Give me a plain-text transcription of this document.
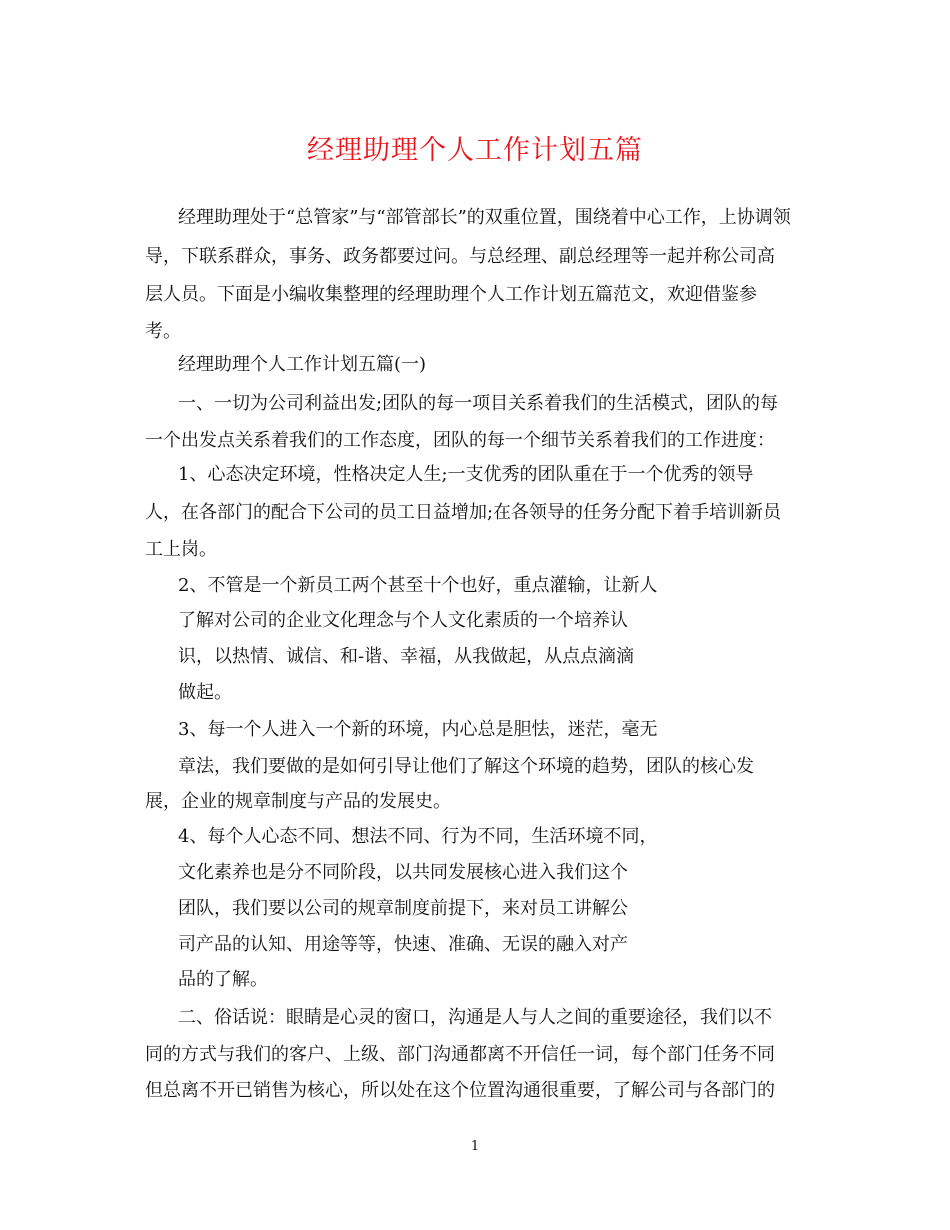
经理助理个人工作计划五篇
经理助理处于“总管家”与“部管部长”的双重位置，围绕着中心工作，上协调领
导，下联系群众，事务、政务都要过问。与总经理、副总经理等一起并称公司高
层人员。下面是小编收集整理的经理助理个人工作计划五篇范文，欢迎借鉴参
考。
经理助理个人工作计划五篇(一)
一、一切为公司利益出发;团队的每一项目关系着我们的生活模式，团队的每
一个出发点关系着我们的工作态度，团队的每一个细节关系着我们的工作进度：
1、心态决定环境，性格决定人生;一支优秀的团队重在于一个优秀的领导
人，在各部门的配合下公司的员工日益增加;在各领导的任务分配下着手培训新员
工上岗。
2、不管是一个新员工两个甚至十个也好，重点灌输，让新人
了解对公司的企业文化理念与个人文化素质的一个培养认
识，以热情、诚信、和-谐、幸福，从我做起，从点点滴滴
做起。
3、每一个人进入一个新的环境，内心总是胆怯，迷茫，毫无
章法，我们要做的是如何引导让他们了解这个环境的趋势，团队的核心发
展，企业的规章制度与产品的发展史。
4、每个人心态不同、想法不同、行为不同，生活环境不同，
文化素养也是分不同阶段，以共同发展核心进入我们这个
团队，我们要以公司的规章制度前提下，来对员工讲解公
司产品的认知、用途等等，快速、准确、无误的融入对产
品的了解。
二、俗话说：眼睛是心灵的窗口，沟通是人与人之间的重要途径，我们以不
同的方式与我们的客户、上级、部门沟通都离不开信任一词，每个部门任务不同
但总离不开已销售为核心，所以处在这个位置沟通很重要，了解公司与各部门的
1
